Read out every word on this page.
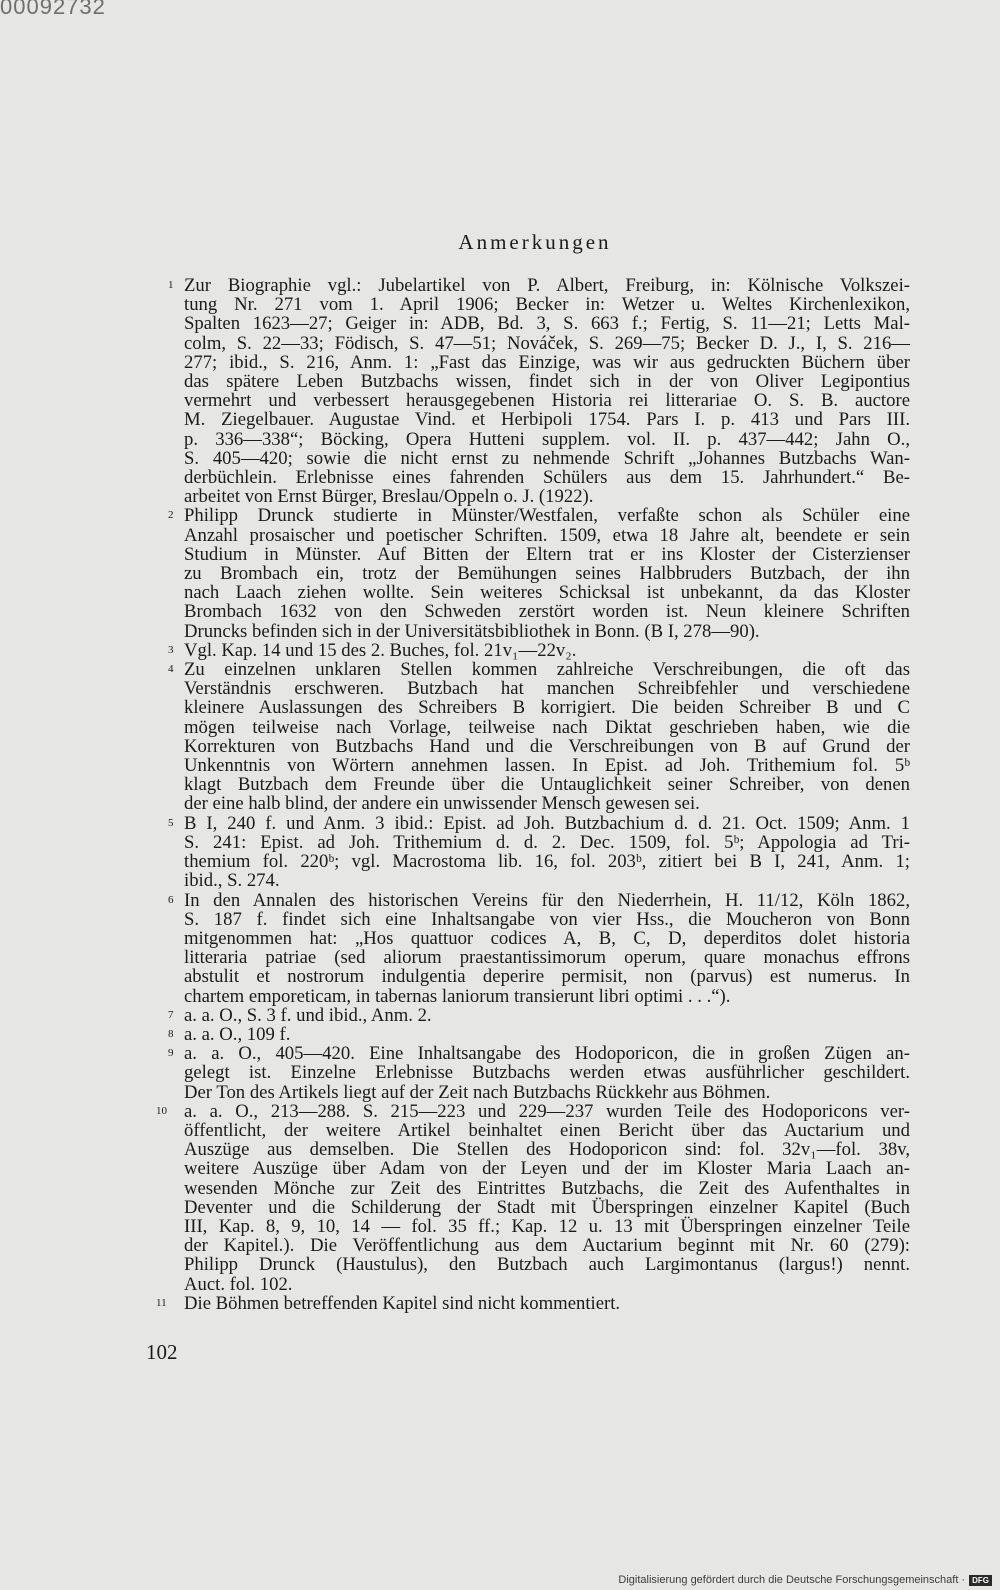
00092732
Anmerkungen
1 Zur Biographie vgl.: Jubelartikel von P. Albert, Freiburg, in: Kölnische Volkszei-
tung Nr. 271 vom 1. April 1906; Becker in: Wetzer u. Weltes Kirchenlexikon,
Spalten 1623—27; Geiger in: ADB, Bd. 3, S. 663 f.; Fertig, S. 11—21; Letts Mal-
colm, S. 22—33; Födisch, S. 47—51; Nováček, S. 269—75; Becker D. J., I, S. 216—
277; ibid., S. 216, Anm. 1: „Fast das Einzige, was wir aus gedruckten Büchern über
das spätere Leben Butzbachs wissen, findet sich in der von Oliver Legipontius
vermehrt und verbessert herausgegebenen Historia rei litterariae O. S. B. auctore
M. Ziegelbauer. Augustae Vind. et Herbipoli 1754. Pars I. p. 413 und Pars III.
p. 336—338“; Böcking, Opera Hutteni supplem. vol. II. p. 437—442; Jahn O.,
S. 405—420; sowie die nicht ernst zu nehmende Schrift „Johannes Butzbachs Wan-
derbüchlein. Erlebnisse eines fahrenden Schülers aus dem 15. Jahrhundert.“ Be-
arbeitet von Ernst Bürger, Breslau/Oppeln o. J. (1922).
2 Philipp Drunck studierte in Münster/Westfalen, verfaßte schon als Schüler eine
Anzahl prosaischer und poetischer Schriften. 1509, etwa 18 Jahre alt, beendete er sein
Studium in Münster. Auf Bitten der Eltern trat er ins Kloster der Cisterzienser
zu Brombach ein, trotz der Bemühungen seines Halbbruders Butzbach, der ihn
nach Laach ziehen wollte. Sein weiteres Schicksal ist unbekannt, da das Kloster
Brombach 1632 von den Schweden zerstört worden ist. Neun kleinere Schriften
Druncks befinden sich in der Universitätsbibliothek in Bonn. (B I, 278—90).
3 Vgl. Kap. 14 und 15 des 2. Buches, fol. 21v₁—22v₂.
4 Zu einzelnen unklaren Stellen kommen zahlreiche Verschreibungen, die oft das
Verständnis erschweren. Butzbach hat manchen Schreibfehler und verschiedene
kleinere Auslassungen des Schreibers B korrigiert. Die beiden Schreiber B und C
mögen teilweise nach Vorlage, teilweise nach Diktat geschrieben haben, wie die
Korrekturen von Butzbachs Hand und die Verschreibungen von B auf Grund der
Unkenntnis von Wörtern annehmen lassen. In Epist. ad Joh. Trithemium fol. 5ᵇ
klagt Butzbach dem Freunde über die Untauglichkeit seiner Schreiber, von denen
der eine halb blind, der andere ein unwissender Mensch gewesen sei.
5 B I, 240 f. und Anm. 3 ibid.: Epist. ad Joh. Butzbachium d. d. 21. Oct. 1509; Anm. 1
S. 241: Epist. ad Joh. Trithemium d. d. 2. Dec. 1509, fol. 5ᵇ; Appologia ad Tri-
themium fol. 220ᵇ; vgl. Macrostoma lib. 16, fol. 203ᵇ, zitiert bei B I, 241, Anm. 1;
ibid., S. 274.
6 In den Annalen des historischen Vereins für den Niederrhein, H. 11/12, Köln 1862,
S. 187 f. findet sich eine Inhaltsangabe von vier Hss., die Moucheron von Bonn
mitgenommen hat: „Hos quattuor codices A, B, C, D, deperditos dolet historia
litteraria patriae (sed aliorum praestantissimorum operum, quare monachus effrons
abstulit et nostrorum indulgentia deperire permisit, non (parvus) est numerus. In
chartem emporeticam, in tabernas laniorum transierunt libri optimi . . .“).
7 a. a. O., S. 3 f. und ibid., Anm. 2.
8 a. a. O., 109 f.
9 a. a. O., 405—420. Eine Inhaltsangabe des Hodoporicon, die in großen Zügen an-
gelegt ist. Einzelne Erlebnisse Butzbachs werden etwas ausführlicher geschildert.
Der Ton des Artikels liegt auf der Zeit nach Butzbachs Rückkehr aus Böhmen.
10 a. a. O., 213—288. S. 215—223 und 229—237 wurden Teile des Hodoporicons ver-
öffentlicht, der weitere Artikel beinhaltet einen Bericht über das Auctarium und
Auszüge aus demselben. Die Stellen des Hodoporicon sind: fol. 32v₁—fol. 38v,
weitere Auszüge über Adam von der Leyen und der im Kloster Maria Laach an-
wesenden Mönche zur Zeit des Eintrittes Butzbachs, die Zeit des Aufenthaltes in
Deventer und die Schilderung der Stadt mit Überspringen einzelner Kapitel (Buch
III, Kap. 8, 9, 10, 14 — fol. 35 ff.; Kap. 12 u. 13 mit Überspringen einzelner Teile
der Kapitel.). Die Veröffentlichung aus dem Auctarium beginnt mit Nr. 60 (279):
Philipp Drunck (Haustulus), den Butzbach auch Largimontanus (largus!) nennt.
Auct. fol. 102.
11 Die Böhmen betreffenden Kapitel sind nicht kommentiert.
102
Digitalisierung gefördert durch die Deutsche Forschungsgemeinschaft · DFG
